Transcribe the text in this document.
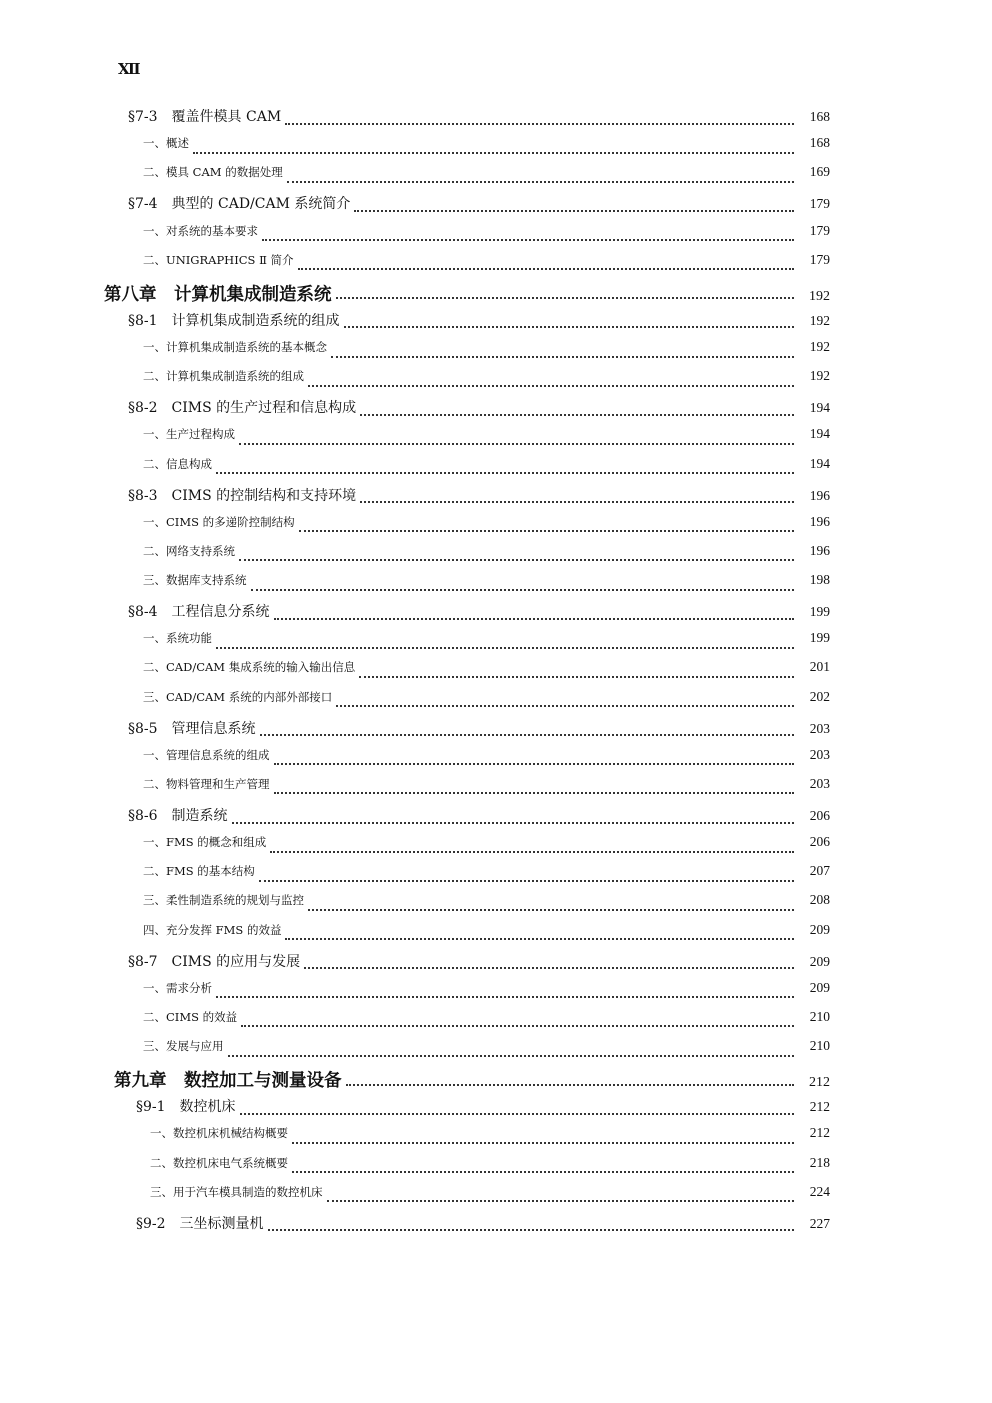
Ⅻ
§7-3　覆盖件模具 CAM	168
一、概述	168
二、模具 CAM 的数据处理	169
§7-4　典型的 CAD/CAM 系统简介	179
一、对系统的基本要求	179
二、UNIGRAPHICS Ⅱ 简介	179
第八章　计算机集成制造系统	192
§8-1　计算机集成制造系统的组成	192
一、计算机集成制造系统的基本概念	192
二、计算机集成制造系统的组成	192
§8-2　CIMS 的生产过程和信息构成	194
一、生产过程构成	194
二、信息构成	194
§8-3　CIMS 的控制结构和支持环境	196
一、CIMS 的多递阶控制结构	196
二、网络支持系统	196
三、数据库支持系统	198
§8-4　工程信息分系统	199
一、系统功能	199
二、CAD/CAM 集成系统的输入输出信息	201
三、CAD/CAM 系统的内部外部接口	202
§8-5　管理信息系统	203
一、管理信息系统的组成	203
二、物料管理和生产管理	203
§8-6　制造系统	206
一、FMS 的概念和组成	206
二、FMS 的基本结构	207
三、柔性制造系统的规划与监控	208
四、充分发挥 FMS 的效益	209
§8-7　CIMS 的应用与发展	209
一、需求分析	209
二、CIMS 的效益	210
三、发展与应用	210
第九章　数控加工与测量设备	212
§9-1　数控机床	212
一、数控机床机械结构概要	212
二、数控机床电气系统概要	218
三、用于汽车模具制造的数控机床	224
§9-2　三坐标测量机	227
